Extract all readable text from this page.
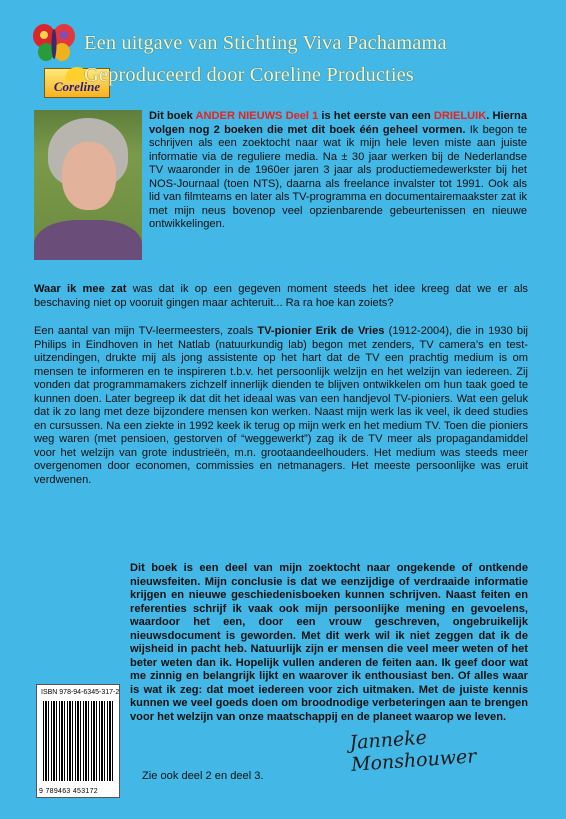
Coreline
Een uitgave van Stichting Viva Pachamama
Geproduceerd door Coreline Producties

Dit boek ANDER NIEUWS Deel 1 is het eerste van een DRIELUIK. Hierna volgen nog 2 boeken die met dit boek één geheel vormen. Ik begon te schrijven als een zoektocht naar wat ik mijn hele leven miste aan juiste informatie via de reguliere media. Na ± 30 jaar werken bij de Nederlandse TV waaronder in de 1960er jaren 3 jaar als productiemedewerkster bij het NOS-Journaal (toen NTS), daarna als freelance invalster tot 1991. Ook als lid van filmteams en later als TV-programma en documentairemaakster zat ik met mijn neus bovenop veel opzienbarende gebeurtenissen en nieuwe ontwikkelingen.

Waar ik mee zat was dat ik op een gegeven moment steeds het idee kreeg dat we er als beschaving niet op vooruit gingen maar achteruit... Ra ra hoe kan zoiets?

Een aantal van mijn TV-leermeesters, zoals TV-pionier Erik de Vries (1912-2004), die in 1930 bij Philips in Eindhoven in het Natlab (natuurkundig lab) begon met zenders, TV camera’s en test-uitzendingen, drukte mij als jong assistente op het hart dat de TV een prachtig medium is om mensen te informeren en te inspireren t.b.v. het persoonlijk welzijn en het welzijn van iedereen. Zij vonden dat programmamakers zichzelf innerlijk dienden te blijven ontwikkelen om hun taak goed te kunnen doen. Later begreep ik dat dit het ideaal was van een handjevol TV-pioniers. Wat een geluk dat ik zo lang met deze bijzondere mensen kon werken. Naast mijn werk las ik veel, ik deed studies en cursussen. Na een ziekte in 1992 keek ik terug op mijn werk en het medium TV. Toen die pioniers weg waren (met pensioen, gestorven of “weggewerkt”) zag ik de TV meer als propagandamiddel voor het welzijn van grote industrieën, m.n. grootaandeelhouders. Het medium was steeds meer overgenomen door economen, commissies en netmanagers. Het meeste persoonlijke was eruit verdwenen.

Dit boek is een deel van mijn zoektocht naar ongekende of ontkende nieuwsfeiten. Mijn conclusie is dat we eenzijdige of verdraaide informatie krijgen en nieuwe geschiedenisboeken kunnen schrijven. Naast feiten en referenties schrijf ik vaak ook mijn persoonlijke mening en gevoelens, waardoor het een, door een vrouw geschreven, ongebruikelijk nieuwsdocument is geworden. Met dit werk wil ik niet zeggen dat ik de wijsheid in pacht heb. Natuurlijk zijn er mensen die veel meer weten of het beter weten dan ik. Hopelijk vullen anderen de feiten aan. Ik geef door wat me zinnig en belangrijk lijkt en waarover ik enthousiast ben. Of alles waar is wat ik zeg: dat moet iedereen voor zich uitmaken. Met de juiste kennis kunnen we veel goeds doen om broodnodige verbeteringen aan te brengen voor het welzijn van onze maatschappij en de planeet waarop we leven.

ISBN 978-94-6345-317-2
9 789463 453172

Zie ook deel 2 en deel 3.

Janneke Monshouwer
